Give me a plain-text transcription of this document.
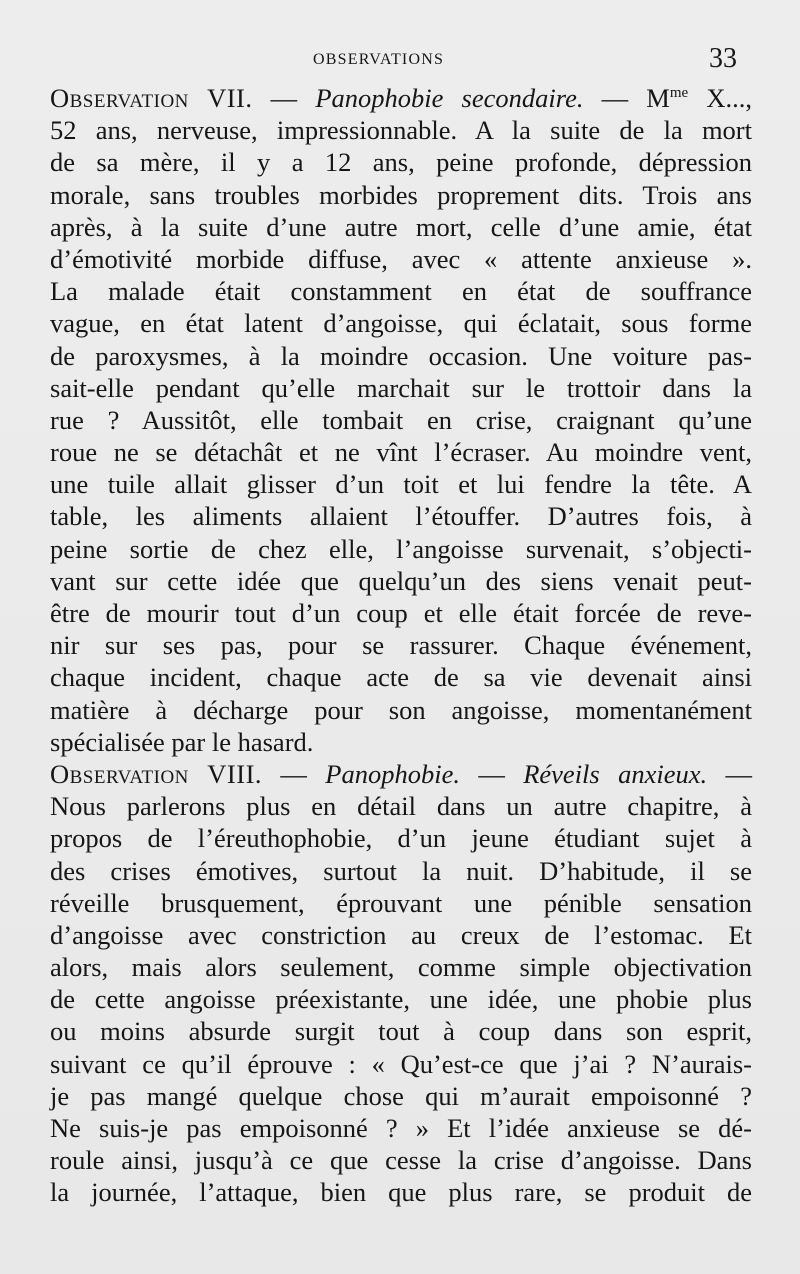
OBSERVATIONS	33
Observation VII. — Panophobie secondaire. — $M^{me}$ X...,
52 ans, nerveuse, impressionnable. A la suite de la mort
de sa mère, il y a 12 ans, peine profonde, dépression
morale, sans troubles morbides proprement dits. Trois ans
après, à la suite d’une autre mort, celle d’une amie, état
d’émotivité morbide diffuse, avec « attente anxieuse ».
La malade était constamment en état de souffrance
vague, en état latent d’angoisse, qui éclatait, sous forme
de paroxysmes, à la moindre occasion. Une voiture pas-
sait-elle pendant qu’elle marchait sur le trottoir dans la
rue ? Aussitôt, elle tombait en crise, craignant qu’une
roue ne se détachât et ne vînt l’écraser. Au moindre vent,
une tuile allait glisser d’un toit et lui fendre la tête. A
table, les aliments allaient l’étouffer. D’autres fois, à
peine sortie de chez elle, l’angoisse survenait, s’objecti-
vant sur cette idée que quelqu’un des siens venait peut-
être de mourir tout d’un coup et elle était forcée de reve-
nir sur ses pas, pour se rassurer. Chaque événement,
chaque incident, chaque acte de sa vie devenait ainsi
matière à décharge pour son angoisse, momentanément
spécialisée par le hasard.
Observation VIII. — Panophobie. — Réveils anxieux. —
Nous parlerons plus en détail dans un autre chapitre, à
propos de l’éreuthophobie, d’un jeune étudiant sujet à
des crises émotives, surtout la nuit. D’habitude, il se
réveille brusquement, éprouvant une pénible sensation
d’angoisse avec constriction au creux de l’estomac. Et
alors, mais alors seulement, comme simple objectivation
de cette angoisse préexistante, une idée, une phobie plus
ou moins absurde surgit tout à coup dans son esprit,
suivant ce qu’il éprouve : « Qu’est-ce que j’ai ? N’aurais-
je pas mangé quelque chose qui m’aurait empoisonné ?
Ne suis-je pas empoisonné ? » Et l’idée anxieuse se dé-
roule ainsi, jusqu’à ce que cesse la crise d’angoisse. Dans
la journée, l’attaque, bien que plus rare, se produit de
